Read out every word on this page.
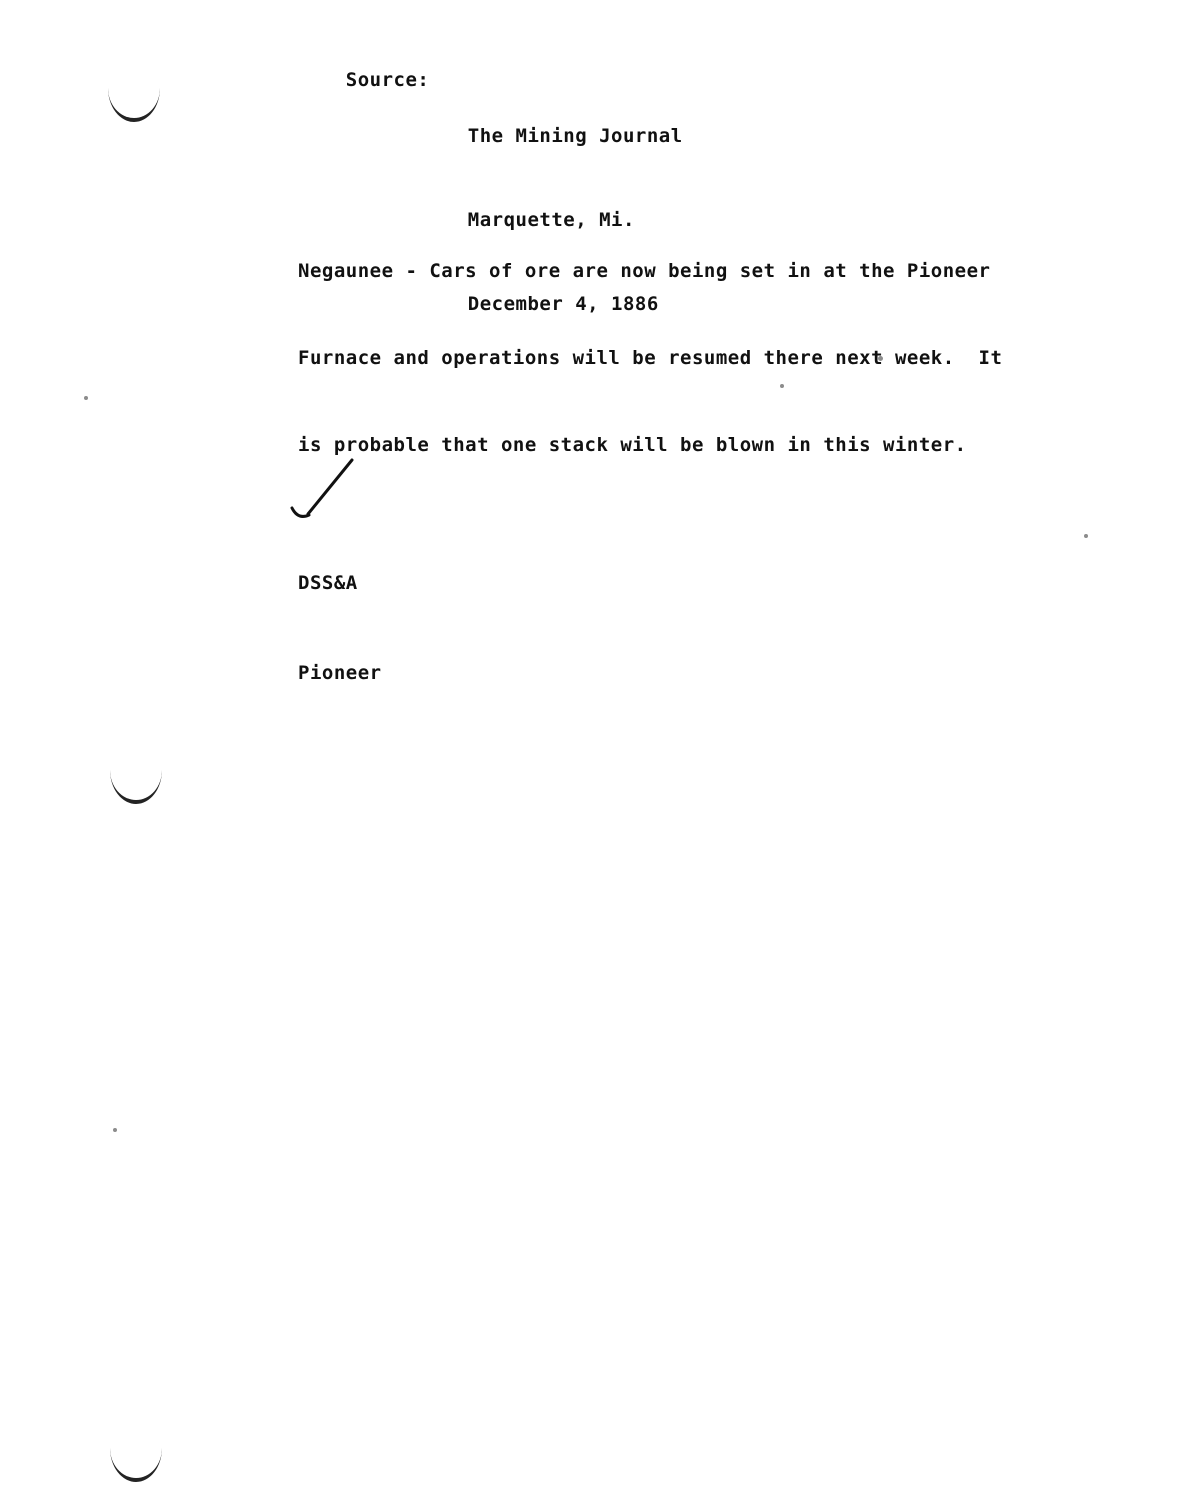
Source:

The Mining Journal

Marquette, Mi.

December 4, 1886

Negaunee - Cars of ore are now being set in at the Pioneer

Furnace and operations will be resumed there next week.  It

is probable that one stack will be blown in this winter.

DSS&A

Pioneer
